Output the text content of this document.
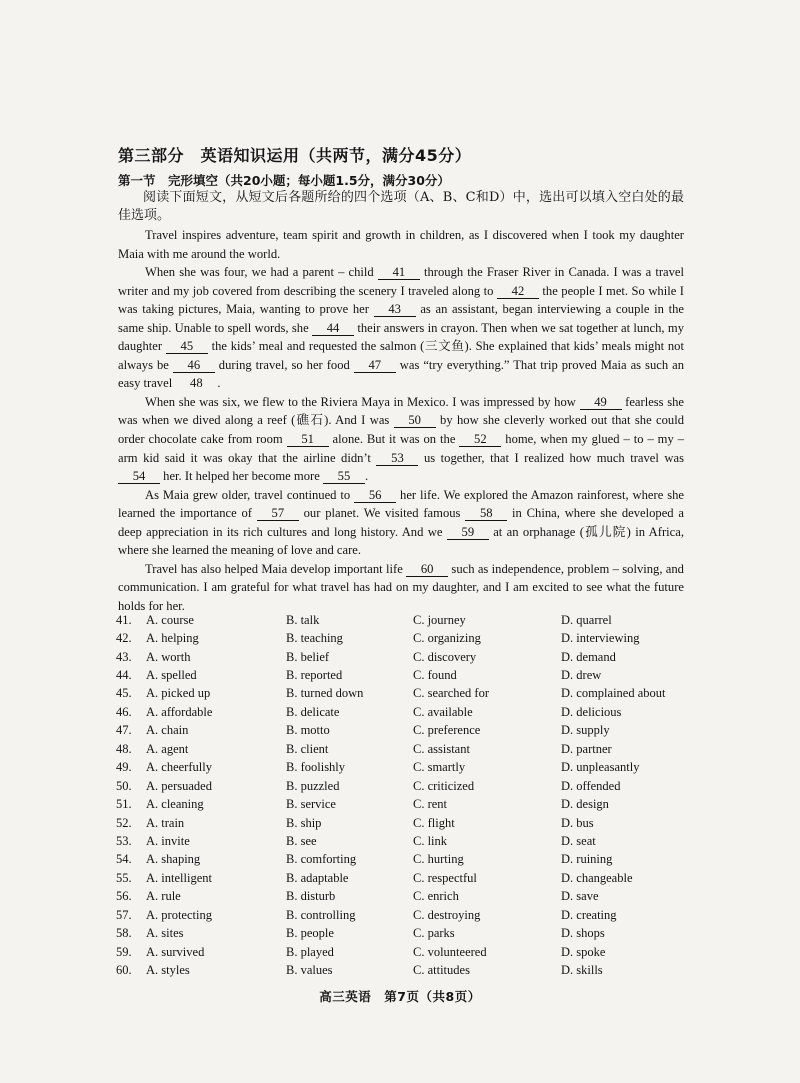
第三部分　英语知识运用（共两节，满分45分）
第一节　完形填空（共20小题；每小题1.5分，满分30分）
阅读下面短文，从短文后各题所给的四个选项（A、B、C和D）中，选出可以填入空白处的最佳选项。

Travel inspires adventure, team spirit and growth in children, as I discovered when I took my daughter Maia with me around the world.

When she was four, we had a parent – child 41 through the Fraser River in Canada. I was a travel writer and my job covered from describing the scenery I traveled along to 42 the people I met. So while I was taking pictures, Maia, wanting to prove her 43 as an assistant, began interviewing a couple in the same ship. Unable to spell words, she 44 their answers in crayon. Then when we sat together at lunch, my daughter 45 the kids’ meal and requested the salmon (三文鱼). She explained that kids’ meals might not always be 46 during travel, so her food 47 was “try everything.” That trip proved Maia as such an easy travel 48 .

When she was six, we flew to the Riviera Maya in Mexico. I was impressed by how 49 fearless she was when we dived along a reef (礁石). And I was 50 by how she cleverly worked out that she could order chocolate cake from room 51 alone. But it was on the 52 home, when my glued – to – my – arm kid said it was okay that the airline didn’t 53 us together, that I realized how much travel was 54 her. It helped her become more 55 .

As Maia grew older, travel continued to 56 her life. We explored the Amazon rainforest, where she learned the importance of 57 our planet. We visited famous 58 in China, where she developed a deep appreciation in its rich cultures and long history. And we 59 at an orphanage (孤儿院) in Africa, where she learned the meaning of love and care.

Travel has also helped Maia develop important life 60 such as independence, problem – solving, and communication. I am grateful for what travel has had on my daughter, and I am excited to see what the future holds for her.

41.	A. course	B. talk	C. journey	D. quarrel
42.	A. helping	B. teaching	C. organizing	D. interviewing
43.	A. worth	B. belief	C. discovery	D. demand
44.	A. spelled	B. reported	C. found	D. drew
45.	A. picked up	B. turned down	C. searched for	D. complained about
46.	A. affordable	B. delicate	C. available	D. delicious
47.	A. chain	B. motto	C. preference	D. supply
48.	A. agent	B. client	C. assistant	D. partner
49.	A. cheerfully	B. foolishly	C. smartly	D. unpleasantly
50.	A. persuaded	B. puzzled	C. criticized	D. offended
51.	A. cleaning	B. service	C. rent	D. design
52.	A. train	B. ship	C. flight	D. bus
53.	A. invite	B. see	C. link	D. seat
54.	A. shaping	B. comforting	C. hurting	D. ruining
55.	A. intelligent	B. adaptable	C. respectful	D. changeable
56.	A. rule	B. disturb	C. enrich	D. save
57.	A. protecting	B. controlling	C. destroying	D. creating
58.	A. sites	B. people	C. parks	D. shops
59.	A. survived	B. played	C. volunteered	D. spoke
60.	A. styles	B. values	C. attitudes	D. skills
高三英语　第7页（共8页）
